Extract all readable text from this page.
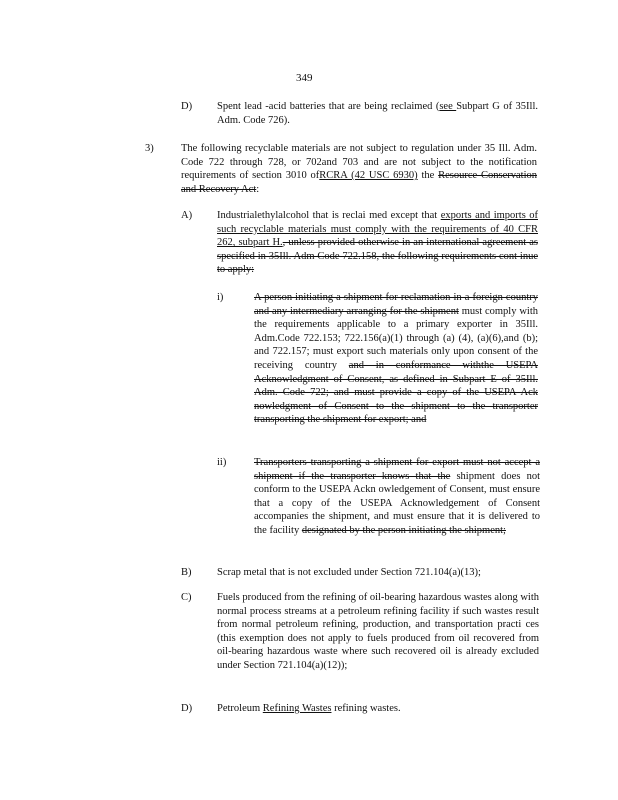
349
D) Spent lead -acid batteries that are being reclaimed (see Subpart G of 35Ill. Adm. Code 726).

3)	The following recyclable materials are not subject to regulation under 35 Ill. Adm. Code 722 through 728, or 702and 703 and are not subject to the notification requirements of section 3010 ofRCRA (42 USC 6930) the Resource Conservation and Recovery Act:

A) Industrialethylalcohol that is reclai med except that exports and imports of such recyclable materials must comply with the requirements of 40 CFR 262, subpart H., unless provided otherwise in an international agreement as specified in 35Ill. Adm Code 722.158, the following requirements cont inue to apply:

i)	A person initiating a shipment for reclamation in a foreign country and any intermediary arranging for the shipment must comply with the requirements applicable to a primary exporter in 35Ill. Adm.Code 722.153; 722.156(a)(1) through (a) (4), (a)(6),and (b); and 722.157; must export such materials only upon consent of the receiving country and in conformance withthe USEPA Acknowledgment of Consent, as defined in Subpart E of 35Ill. Adm. Code 722; and must provide a copy of the USEPA Ack nowledgment of Consent to the shipment to the transporter transporting the shipment for export; and

ii)	Transporters transporting a shipment for export must not accept a shipment if the transporter knows that the shipment does not conform to the USEPA Ackn owledgement of Consent, must ensure that a copy of the USEPA Acknowledgement of Consent accompanies the shipment, and must ensure that it is delivered to the facility designated by the person initiating the shipment;

B) Scrap metal that is not excluded under Section 721.104(a)(13);

C) Fuels produced from the refining of oil-bearing hazardous wastes along with normal process streams at a petroleum refining facility if such wastes result from normal petroleum refining, production, and transportation practi ces (this exemption does not apply to fuels produced from oil recovered from oil-bearing hazardous waste where such recovered oil is already excluded under Section 721.104(a)(12));

D) Petroleum Refining Wastes refining wastes.
